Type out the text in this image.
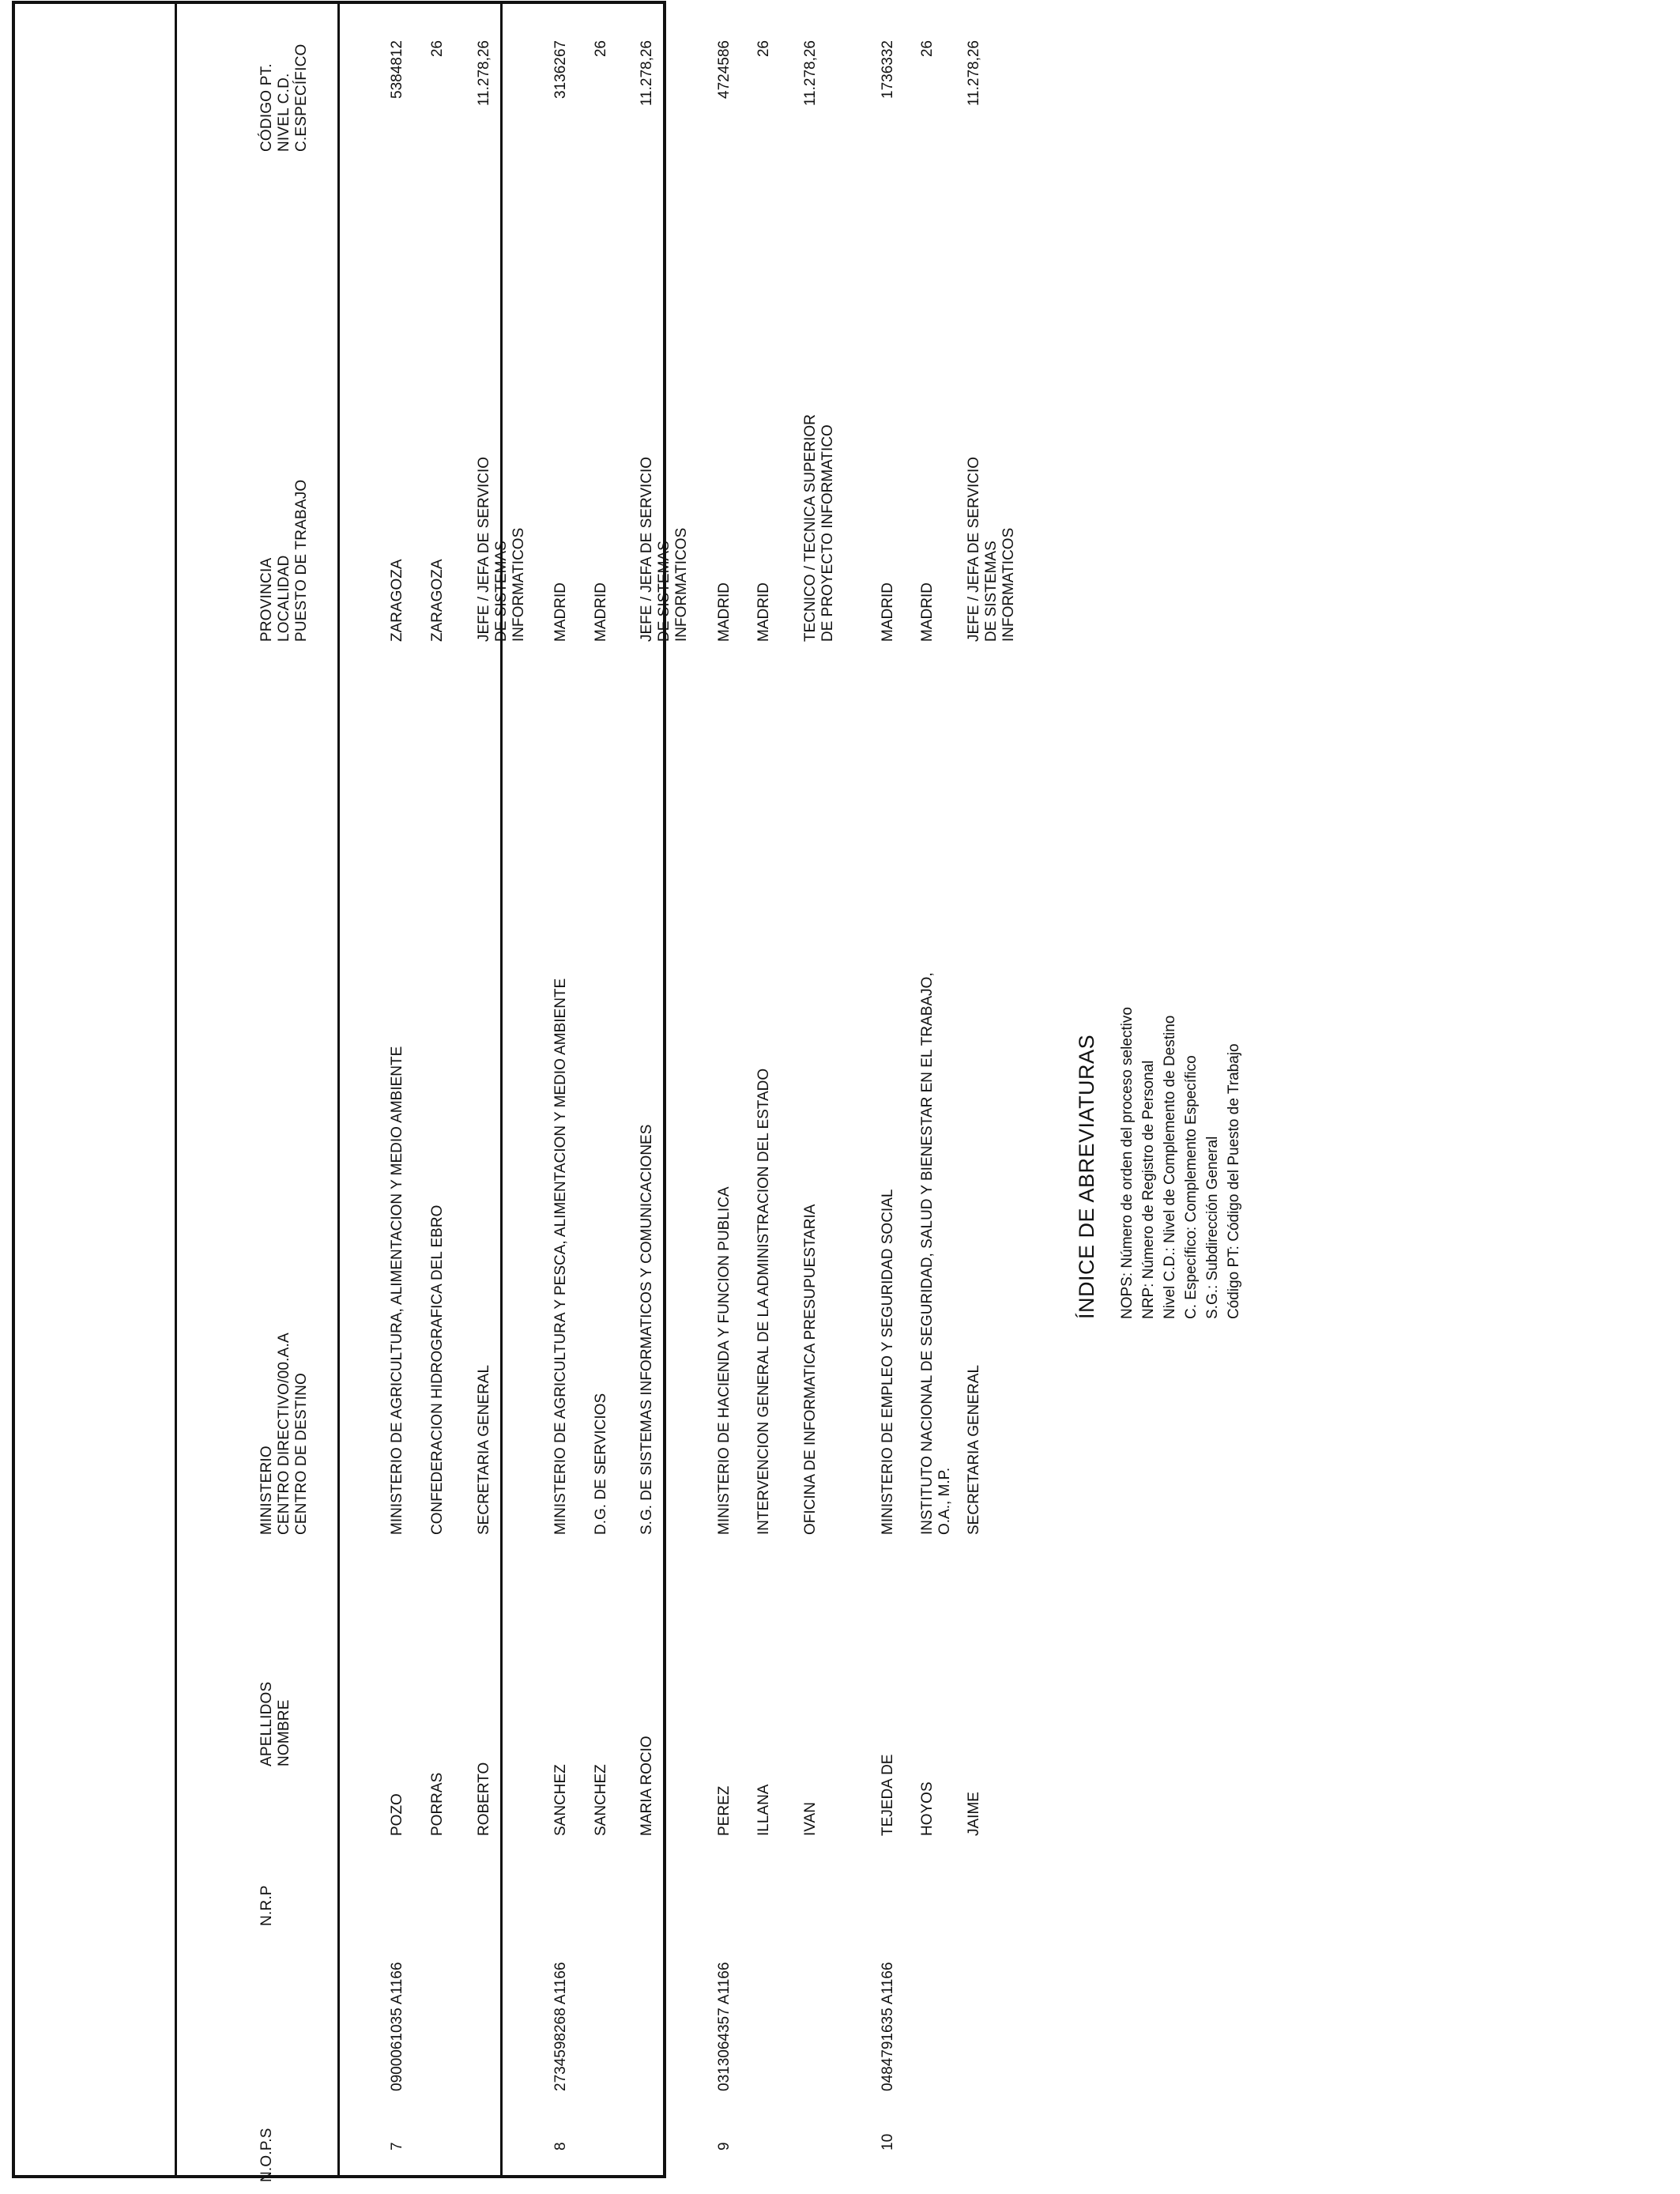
N.O.P.S
N.R.P
APELLIDOS NOMBRE
MINISTERIO CENTRO DIRECTIVO/00.A.A CENTRO DE DESTINO
PROVINCIA LOCALIDAD PUESTO DE TRABAJO
CÓDIGO PT. NIVEL C.D. C.ESPECÍFICO
7
0900061035 A1166
POZO PORRAS ROBERTO
MINISTERIO DE AGRICULTURA, ALIMENTACION Y MEDIO AMBIENTE CONFEDERACION HIDROGRAFICA DEL EBRO SECRETARIA GENERAL
ZARAGOZA ZARAGOZA JEFE / JEFA DE SERVICIO DE SISTEMAS INFORMATICOS
5384812 26 11.278,26
8
2734598268 A1166
SANCHEZ SANCHEZ MARIA ROCIO
MINISTERIO DE AGRICULTURA Y PESCA, ALIMENTACION Y MEDIO AMBIENTE D.G. DE SERVICIOS S.G. DE SISTEMAS INFORMATICOS Y COMUNICACIONES
MADRID MADRID JEFE / JEFA DE SERVICIO DE SISTEMAS INFORMATICOS
3136267 26 11.278,26
9
0313064357 A1166
PEREZ ILLANA IVAN
MINISTERIO DE HACIENDA Y FUNCION PUBLICA INTERVENCION GENERAL DE LA ADMINISTRACION DEL ESTADO OFICINA DE INFORMATICA PRESUPUESTARIA
MADRID MADRID TECNICO / TECNICA SUPERIOR DE PROYECTO INFORMATICO
4724586 26 11.278,26
10
0484791635 A1166
TEJEDA DE HOYOS JAIME
MINISTERIO DE EMPLEO Y SEGURIDAD SOCIAL INSTITUTO NACIONAL DE SEGURIDAD, SALUD Y BIENESTAR EN EL TRABAJO, O.A., M.P. SECRETARIA GENERAL
MADRID MADRID JEFE / JEFA DE SERVICIO DE SISTEMAS INFORMATICOS
1736332 26 11.278,26
ÍNDICE DE ABREVIATURAS NOPS: Número de orden del proceso selectivo NRP: Número de Registro de Personal Nivel C.D.: Nivel de Complemento de Destino C. Específico: Complemento Específico S.G.: Subdirección General Código PT: Código del Puesto de Trabajo
